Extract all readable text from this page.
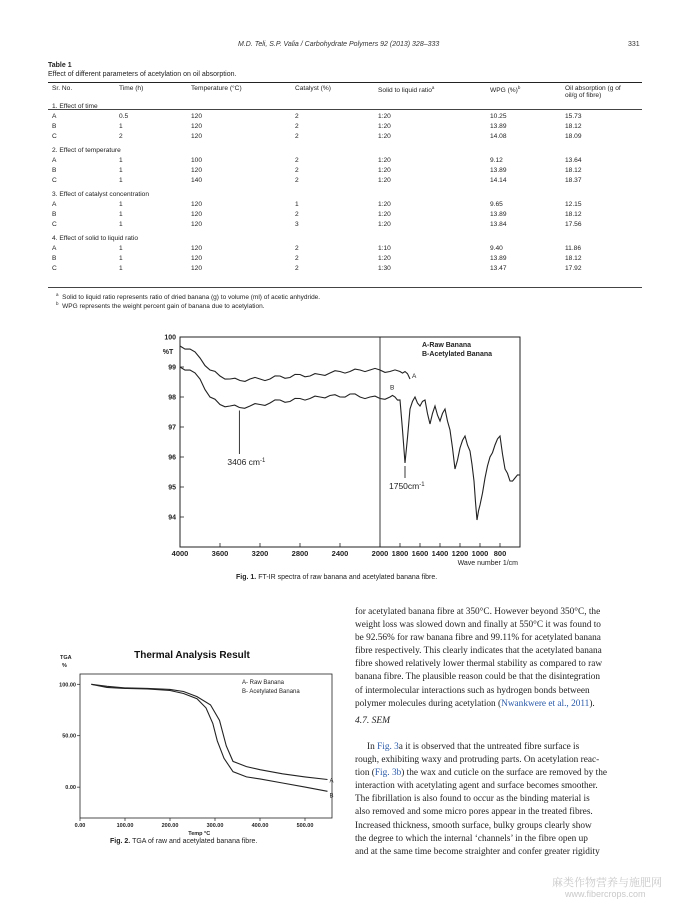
M.D. Teli, S.P. Valia / Carbohydrate Polymers 92 (2013) 328–333	331
Table 1
Effect of different parameters of acetylation on oil absorption.
Sr. No.	Time (h)	Temperature (°C)	Catalyst (%)	Solid to liquid ratio$^a$	WPG (%)$^b$	Oil absorption (g of
oil/g of fibre)
1. Effect of time						
A	0.5	120	2	1:20	10.25	15.73
B	1	120	2	1:20	13.89	18.12
C	2	120	2	1:20	14.08	18.09
2. Effect of temperature						
A	1	100	2	1:20	9.12	13.64
B	1	120	2	1:20	13.89	18.12
C	1	140	2	1:20	14.14	18.37
3. Effect of catalyst concentration						
A	1	120	1	1:20	9.65	12.15
B	1	120	2	1:20	13.89	18.12
C	1	120	3	1:20	13.84	17.56
4. Effect of solid to liquid ratio						
A	1	120	2	1:10	9.40	11.86
B	1	120	2	1:20	13.89	18.12
C	1	120	2	1:30	13.47	17.92
$^a$ Solid to liquid ratio represents ratio of dried banana (g) to volume (ml) of acetic anhydride.
$^b$ WPG represents the weight percent gain of banana due to acetylation.
4000	3600	3200	2800	2400	2000 1800 1600 1400 1200 1000 800
100
99
98
97
96
95
94
%T
Wave number 1/cm
A-Raw Banana
B-Acetylated Banana
A
B
3406 $cm^{-1}$
$1750cm^{-1}$
Fig. 1. FT-IR spectra of raw banana and acetylated banana fibre.
0.00	100.00	200.00	300.00	400.00	500.00
100.00
50.00
0.00
Thermal Analysis Result
TGA
%
Temp °C
A- Raw Banana
B- Acetylated Banana
A
B
Fig. 2. TGA of raw and acetylated banana fibre.
for acetylated banana fibre at 350°C. However beyond 350°C, the
weight loss was slowed down and finally at 550°C it was found to
be 92.56% for raw banana fibre and 99.11% for acetylated banana
fibre respectively. This clearly indicates that the acetylated banana
fibre showed relatively lower thermal stability as compared to raw
banana fibre. The plausible reason could be that the disintegration
of intermolecular interactions such as hydrogen bonds between
polymer molecules during acetylation (Nwankwere et al., 2011).
4.7. SEM
In Fig. 3a it is observed that the untreated fibre surface is
rough, exhibiting waxy and protruding parts. On acetylation reac-
tion (Fig. 3b) the wax and cuticle on the surface are removed by the
interaction with acetylating agent and surface becomes smoother.
The fibrillation is also found to occur as the binding material is
also removed and some micro pores appear in the treated fibres.
Increased thickness, smooth surface, bulky groups clearly show
the degree to which the internal ‘channels’ in the fibre open up
and at the same time become straighter and confer greater rigidity
麻类作物营养与施肥网
www.fibercrops.com
